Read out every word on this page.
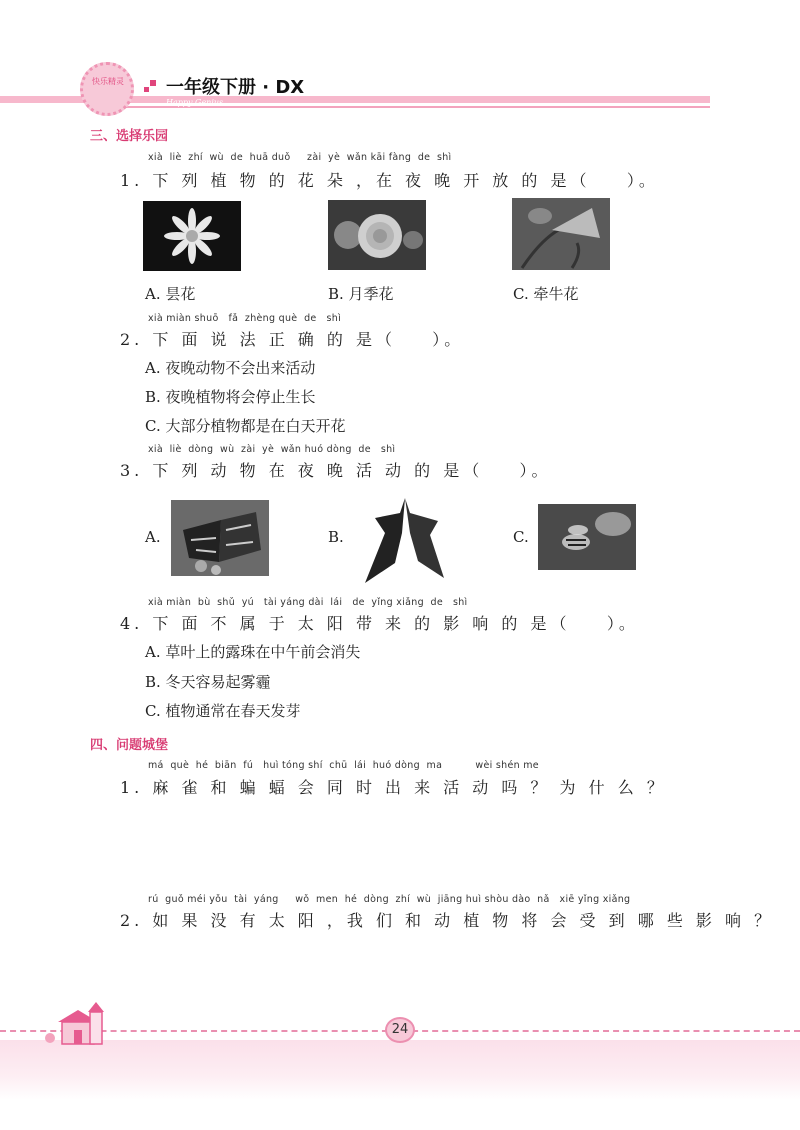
快乐精灵 一年级下册 · DX
Happy Genius
三、选择乐园
xià  liè  zhí  wù  de  huā duǒ     zài  yè  wǎn kāi fàng  de  shì
1. 下 列 植 物 的 花 朵 ，在 夜 晚 开 放 的 是（    ）。
A. 昙花	B. 月季花	C. 牵牛花
xià miàn shuō   fǎ  zhèng què  de   shì
2. 下 面 说 法 正 确 的 是（    ）。
A. 夜晚动物不会出来活动
B. 夜晚植物将会停止生长
C. 大部分植物都是在白天开花
xià  liè  dòng  wù  zài  yè  wǎn huó dòng  de   shì
3. 下 列 动 物 在 夜 晚 活 动 的 是（    ）。
A.	B.	C.
xià miàn  bù  shǔ  yú   tài yáng dài  lái   de  yǐng xiǎng  de   shì
4. 下 面 不 属 于 太 阳 带 来 的 影 响 的 是（    ）。
A. 草叶上的露珠在中午前会消失
B. 冬天容易起雾霾
C. 植物通常在春天发芽
四、问题城堡
má  què  hé  biān  fú   huì tóng shí  chū  lái  huó dòng  ma          wèi shén me
1. 麻 雀 和 蝙 蝠 会 同 时 出 来 活 动 吗 ？ 为 什 么 ？
rú  guǒ méi yǒu  tài  yáng     wǒ  men  hé  dòng  zhí  wù  jiāng huì shòu dào  nǎ   xiē yǐng xiǎng
2. 如 果 没 有 太 阳 ，我 们 和 动 植 物 将 会 受 到 哪 些 影 响 ？
24
